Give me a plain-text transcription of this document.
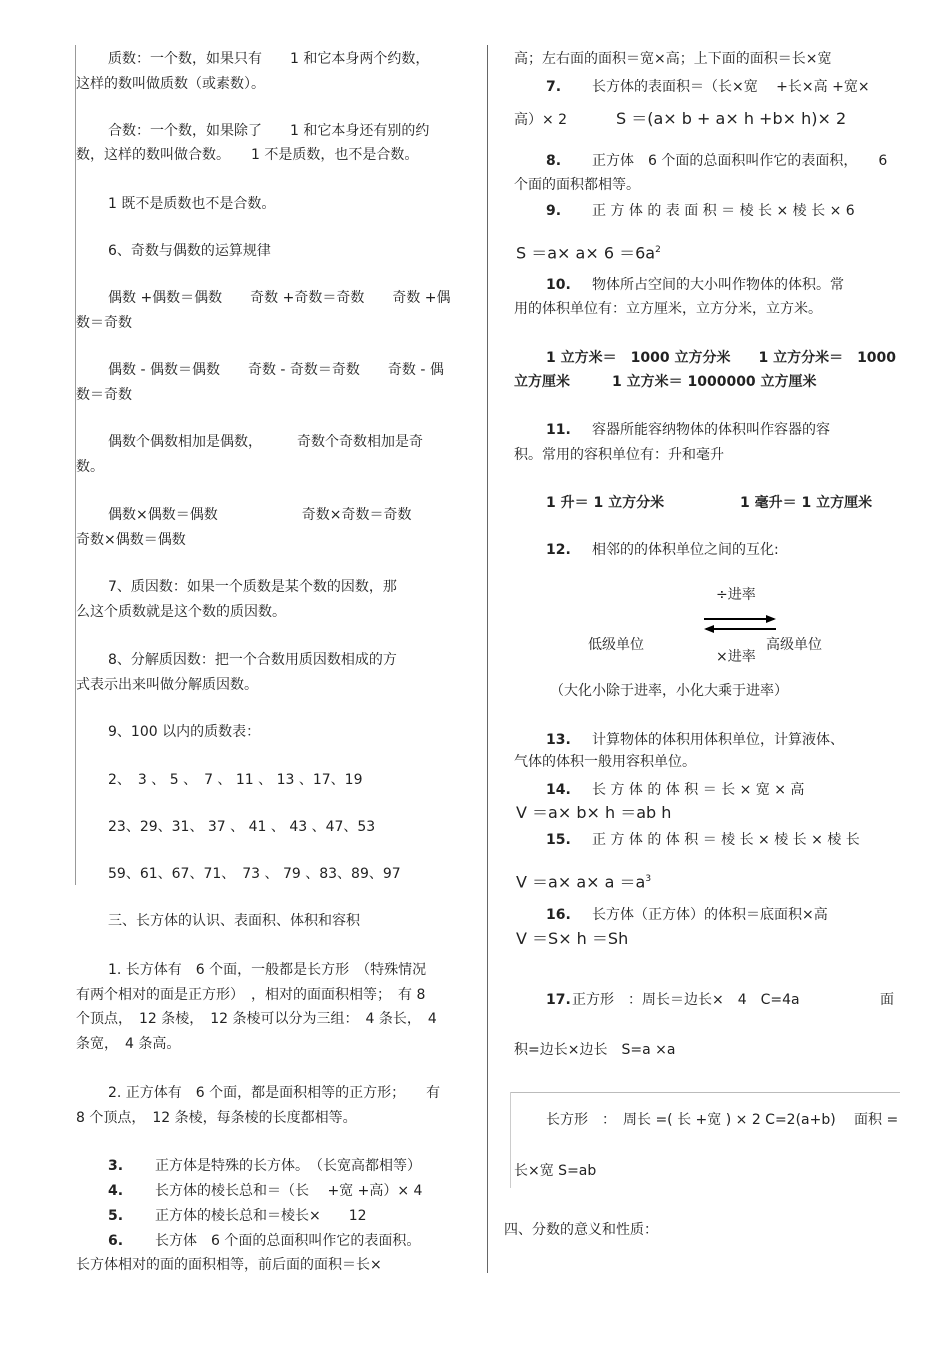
质数：一个数，如果只有　　1 和它本身两个约数，
这样的数叫做质数（或素数）。
合数：一个数，如果除了　　1 和它本身还有别的约
数，这样的数叫做合数。　　1 不是质数，也不是合数。
1 既不是质数也不是合数。
6、奇数与偶数的运算规律
偶数 +偶数＝偶数　　奇数 +奇数＝奇数　　奇数 +偶
数＝奇数
偶数 - 偶数＝偶数　　奇数 - 奇数＝奇数　　奇数 - 偶
数＝奇数
偶数个偶数相加是偶数，　　　奇数个奇数相加是奇
数。
偶数×偶数＝偶数　　　　　　奇数×奇数＝奇数
奇数×偶数＝偶数
7、质因数：如果一个质数是某个数的因数，那
么这个质数就是这个数的质因数。
8、分解质因数：把一个合数用质因数相成的方
式表示出来叫做分解质因数。
9、100 以内的质数表：
2、　3 、 5 、　7 、 11 、 13 、17、19
23、29、31、 37 、 41 、 43 、47、53
59、61、67、71、　73 、 79 、83、89、97
三、长方体的认识、表面积、体积和容积
1. 长方体有　6 个面，一般都是长方形　（特殊情况
有两个相对的面是正方形）　，相对的面面积相等；　有 8
个顶点，　12 条棱，　12 条棱可以分为三组：　4 条长，　4
条宽，　4 条高。
2. 正方体有　6 个面，都是面积相等的正方形；　　有
8 个顶点，　12 条棱，每条棱的长度都相等。
3. 正方体是特殊的长方体。　（长宽高都相等）
4. 长方体的棱长总和＝（长　 +宽 +高）× 4
5. 正方体的棱长总和＝棱长×　　12
6. 长方体　6 个面的总面积叫作它的表面积。
长方体相对的面的面积相等，前后面的面积＝长×
高；左右面的面积＝宽×高；上下面的面积＝长×宽
7. 长方体的表面积＝（长×宽　 +长×高 +宽×
高）× 2	S ＝(a× b + a× h +b× h)× 2
8. 正方体　6 个面的总面积叫作它的表面积，　　6
个面的面积都相等。
9. 正 方 体 的 表 面 积 ＝ 棱 长 × 棱 长 × 6
$S =a\times a\times 6 =6a^2$
10. 物体所占空间的大小叫作物体的体积。常
用的体积单位有：立方厘米，立方分米，立方米。
1 立方米＝　1000 立方分米　　1 立方分米＝　1000
立方厘米　　　1 立方米＝ 1000000 立方厘米
11. 容器所能容纳物体的体积叫作容器的容
积。常用的容积单位有：升和毫升
1 升＝ 1 立方分米	1 毫升＝ 1 立方厘米
12. 相邻的的体积单位之间的互化:
÷进率
低级单位	高级单位
×进率
（大化小除于进率，小化大乘于进率）
13. 计算物体的体积用体积单位，计算液体、
气体的体积一般用容积单位。
14. 长 方 体 的 体 积 ＝ 长 × 宽 × 高
V ＝a× b× h ＝ab h
15. 正 方 体 的 体 积 ＝ 棱 长 × 棱 长 × 棱 长
$V =a\times a\times a =a^3$
16. 长方体（正方体）的体积＝底面积×高
V ＝S× h ＝Sh
17. 正方形　：周长＝边长×　4　C=4a	面
积=边长×边长　S=a ×a
长方形　：　周长 =( 长 +宽 ) × 2 C=2(a+b) 面积 =
长×宽 S=ab
四、分数的意义和性质：
